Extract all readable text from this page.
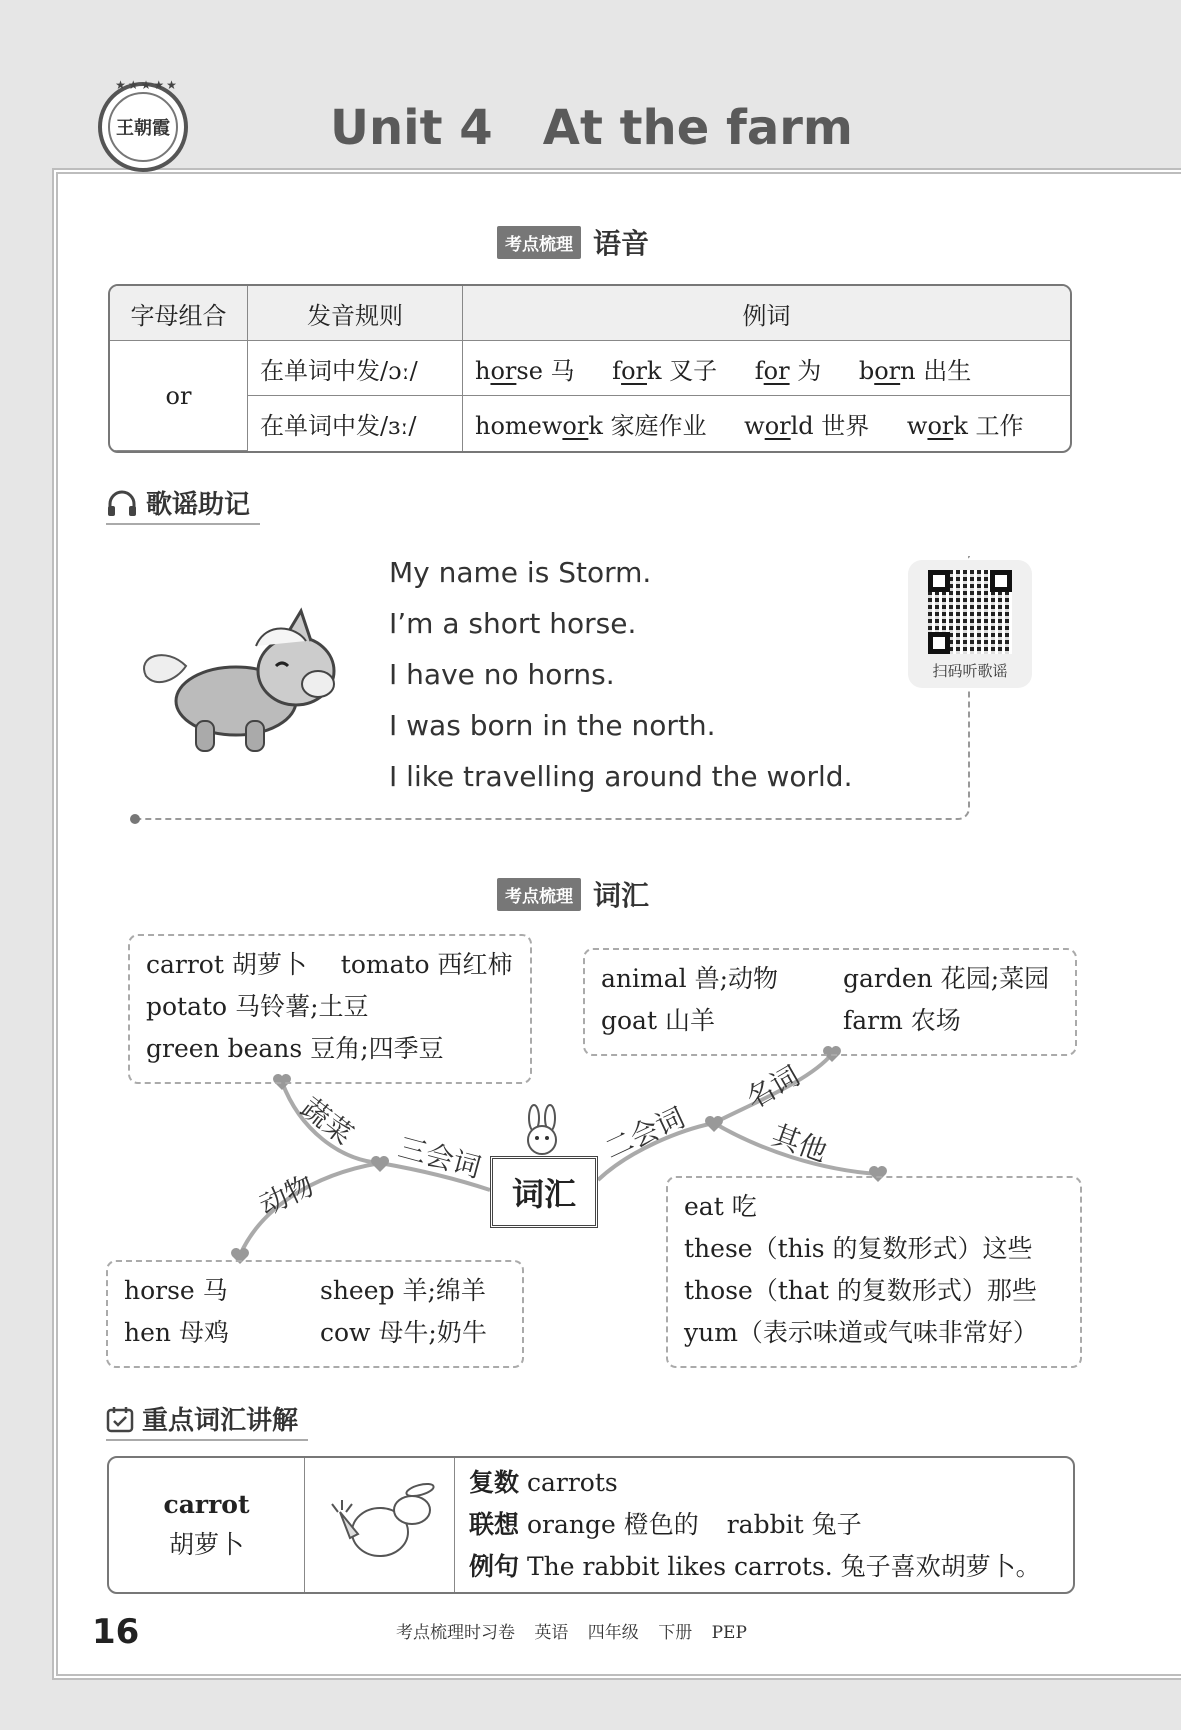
★★★★★
王朝霞	Unit 4   At the farm
考点梳理 语音
字母组合	发音规则	例词
or	在单词中发/ɔː/	horse 马 fork 叉子 for 为 born 出生
	在单词中发/ɜː/	homework 家庭作业 world 世界 work 工作
歌谣助记
My name is Storm.
I’m a short horse.
I have no horns.
I was born in the north.
I like travelling around the world.
扫码听歌谣
考点梳理 词汇
carrot 胡萝卜 tomato 西红柿
potato 马铃薯;土豆
green beans 豆角;四季豆
animal 兽;动物
goat 山羊
garden 花园;菜园
farm 农场
horse 马
hen 母鸡
sheep 羊;绵羊
cow 母牛;奶牛
eat 吃
these（this 的复数形式）这些
those（that 的复数形式）那些
yum（表示味道或气味非常好）
蔬菜
三会词
动物
二会词
名词
其他
词汇
重点词汇讲解
carrot
胡萝卜

复数 carrots
联想 orange 橙色的 rabbit 兔子
例句 The rabbit likes carrots. 兔子喜欢胡萝卜。
16	考点梳理时习卷 英语 四年级 下册 PEP
